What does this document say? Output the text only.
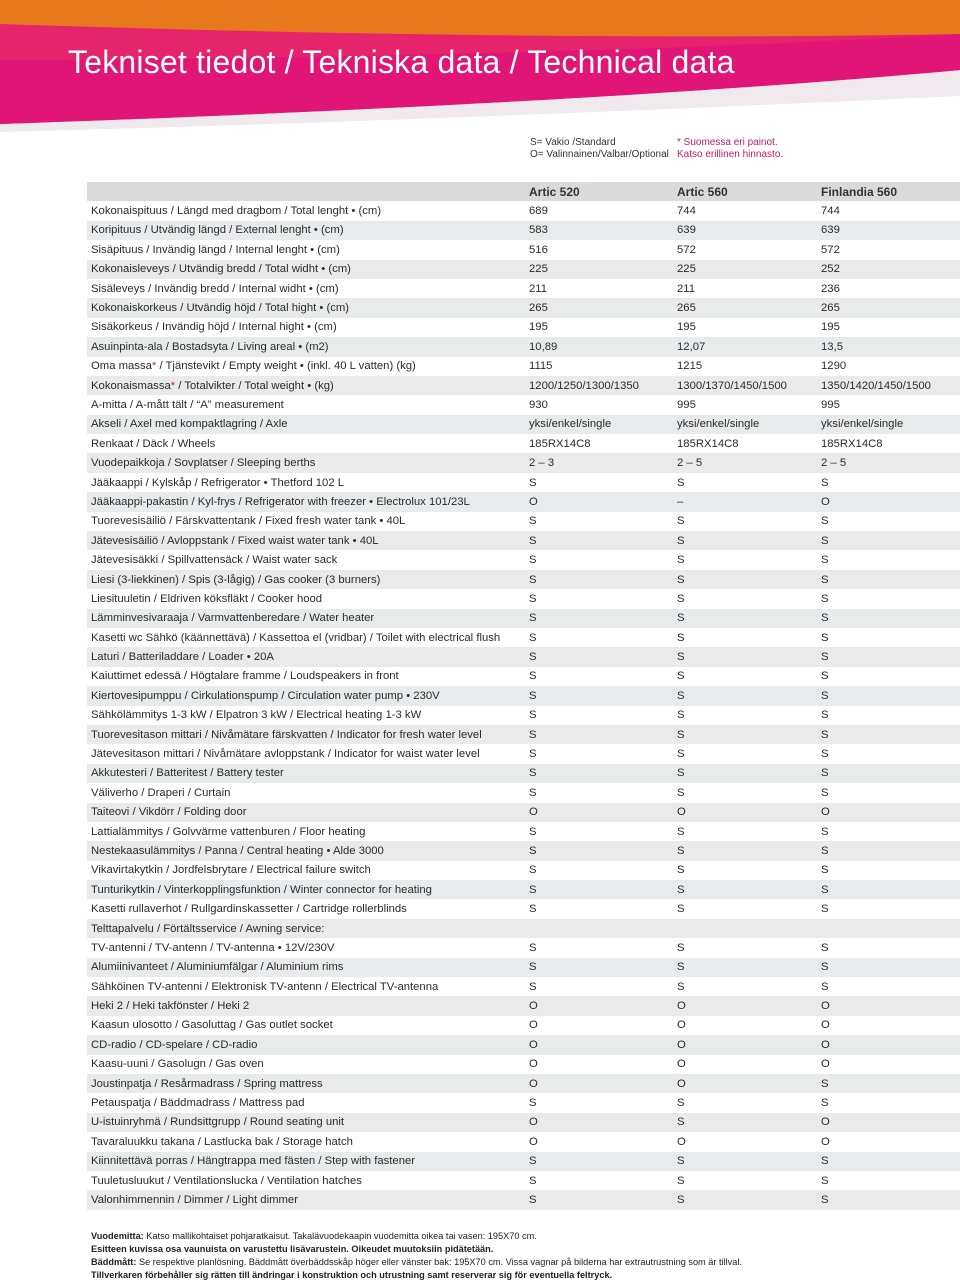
Tekniset tiedot / Tekniska data / Technical data
S= Vakio /Standard
O= Valinnainen/Valbar/Optional
* Suomessa eri painot.
Katso erillinen hinnasto.
	Artic 520	Artic 560	Finlandia 560
Kokonaispituus / Längd med dragbom / Total lenght • (cm)	689	744	744
Koripituus / Utvändig längd / External lenght • (cm)	583	639	639
Sisäpituus / Invändig längd / Internal lenght • (cm)	516	572	572
Kokonaisleveys / Utvändig bredd / Total widht • (cm)	225	225	252
Sisäleveys / Invändig bredd / Internal widht • (cm)	211	211	236
Kokonaiskorkeus / Utvändig höjd / Total hight • (cm)	265	265	265
Sisäkorkeus / Invändig höjd / Internal hight • (cm)	195	195	195
Asuinpinta-ala / Bostadsyta / Living areal • (m2)	10,89	12,07	13,5
Oma massa* / Tjänstevikt / Empty weight • (inkl. 40 L vatten) (kg)	1115	1215	1290
Kokonaismassa* / Totalvikter / Total weight • (kg)	1200/1250/1300/1350	1300/1370/1450/1500	1350/1420/1450/1500
A-mitta / A-mått tält / “A” measurement	930	995	995
Akseli / Axel med kompaktlagring / Axle	yksi/enkel/single	yksi/enkel/single	yksi/enkel/single
Renkaat / Däck / Wheels	185RX14C8	185RX14C8	185RX14C8
Vuodepaikkoja / Sovplatser / Sleeping berths	2 – 3	2 – 5	2 – 5
Jääkaappi / Kylskåp / Refrigerator • Thetford 102 L	S	S	S
Jääkaappi-pakastin / Kyl-frys / Refrigerator with freezer • Electrolux 101/23L	O	–	O
Tuorevesisäiliö / Färskvattentank / Fixed fresh water tank • 40L	S	S	S
Jätevesisäiliö / Avloppstank / Fixed waist water tank • 40L	S	S	S
Jätevesisäkki / Spillvattensäck / Waist water sack	S	S	S
Liesi (3-liekkinen) / Spis (3-lågig) / Gas cooker (3 burners)	S	S	S
Liesituuletin / Eldriven köksfläkt / Cooker hood	S	S	S
Lämminvesivaraaja / Varmvattenberedare / Water heater	S	S	S
Kasetti wc Sähkö (käännettävä) / Kassettoa el (vridbar) / Toilet with electrical flush	S	S	S
Laturi / Batteriladdare / Loader • 20A	S	S	S
Kaiuttimet edessä / Högtalare framme / Loudspeakers in front	S	S	S
Kiertovesipumppu / Cirkulationspump / Circulation water pump • 230V	S	S	S
Sähkölämmitys 1-3 kW / Elpatron 3 kW / Electrical heating 1-3 kW	S	S	S
Tuorevesitason mittari / Nivåmätare färskvatten / Indicator for fresh water level	S	S	S
Jätevesitason mittari / Nivåmätare avloppstank / Indicator for waist water level	S	S	S
Akkutesteri / Batteritest / Battery tester	S	S	S
Väliverho / Draperi / Curtain	S	S	S
Taiteovi / Vikdörr / Folding door	O	O	O
Lattialämmitys / Golvvärme vattenburen / Floor heating	S	S	S
Nestekaasulämmitys / Panna / Central heating • Alde 3000	S	S	S
Vikavirtakytkin / Jordfelsbrytare / Electrical failure switch	S	S	S
Tunturikytkin / Vinterkopplingsfunktion / Winter connector for heating	S	S	S
Kasetti rullaverhot / Rullgardinskassetter / Cartridge rollerblinds	S	S	S
Telttapalvelu / Förtältsservice / Awning service:			
TV-antenni / TV-antenn / TV-antenna • 12V/230V	S	S	S
Alumiinivanteet / Aluminiumfälgar / Aluminium rims	S	S	S
Sähköinen TV-antenni / Elektronisk TV-antenn / Electrical TV-antenna	S	S	S
Heki 2 / Heki takfönster / Heki 2	O	O	O
Kaasun ulosotto / Gasoluttag / Gas outlet socket	O	O	O
CD-radio / CD-spelare / CD-radio	O	O	O
Kaasu-uuni / Gasolugn / Gas oven	O	O	O
Joustinpatja / Resårmadrass / Spring mattress	O	O	S
Petauspatja / Bäddmadrass / Mattress pad	S	S	S
U-istuinryhmä / Rundsittgrupp / Round seating unit	O	S	O
Tavaraluukku takana / Lastlucka bak / Storage hatch	O	O	O
Kiinnitettävä porras / Hängtrappa med fästen / Step with fastener	S	S	S
Tuuletusluukut / Ventilationslucka / Ventilation hatches	S	S	S
Valonhimmennin / Dimmer / Light dimmer	S	S	S
Vuodemitta: Katso mallikohtaiset pohjaratkaisut. Takalävuodekaapin vuodemitta oikea tai vasen: 195X70 cm.
Esitteen kuvissa osa vaunuista on varustettu lisävarustein. Oikeudet muutoksiin pidätetään.
Bäddmått: Se respektive planlösning. Bäddmått överbäddsskåp höger eller vänster bak: 195X70 cm. Vissa vagnar på bilderna har extrautrustning som är tillval.
Tillverkaren förbehåller sig rätten till ändringar i konstruktion och utrustning samt reserverar sig för eventuella feltryck.
